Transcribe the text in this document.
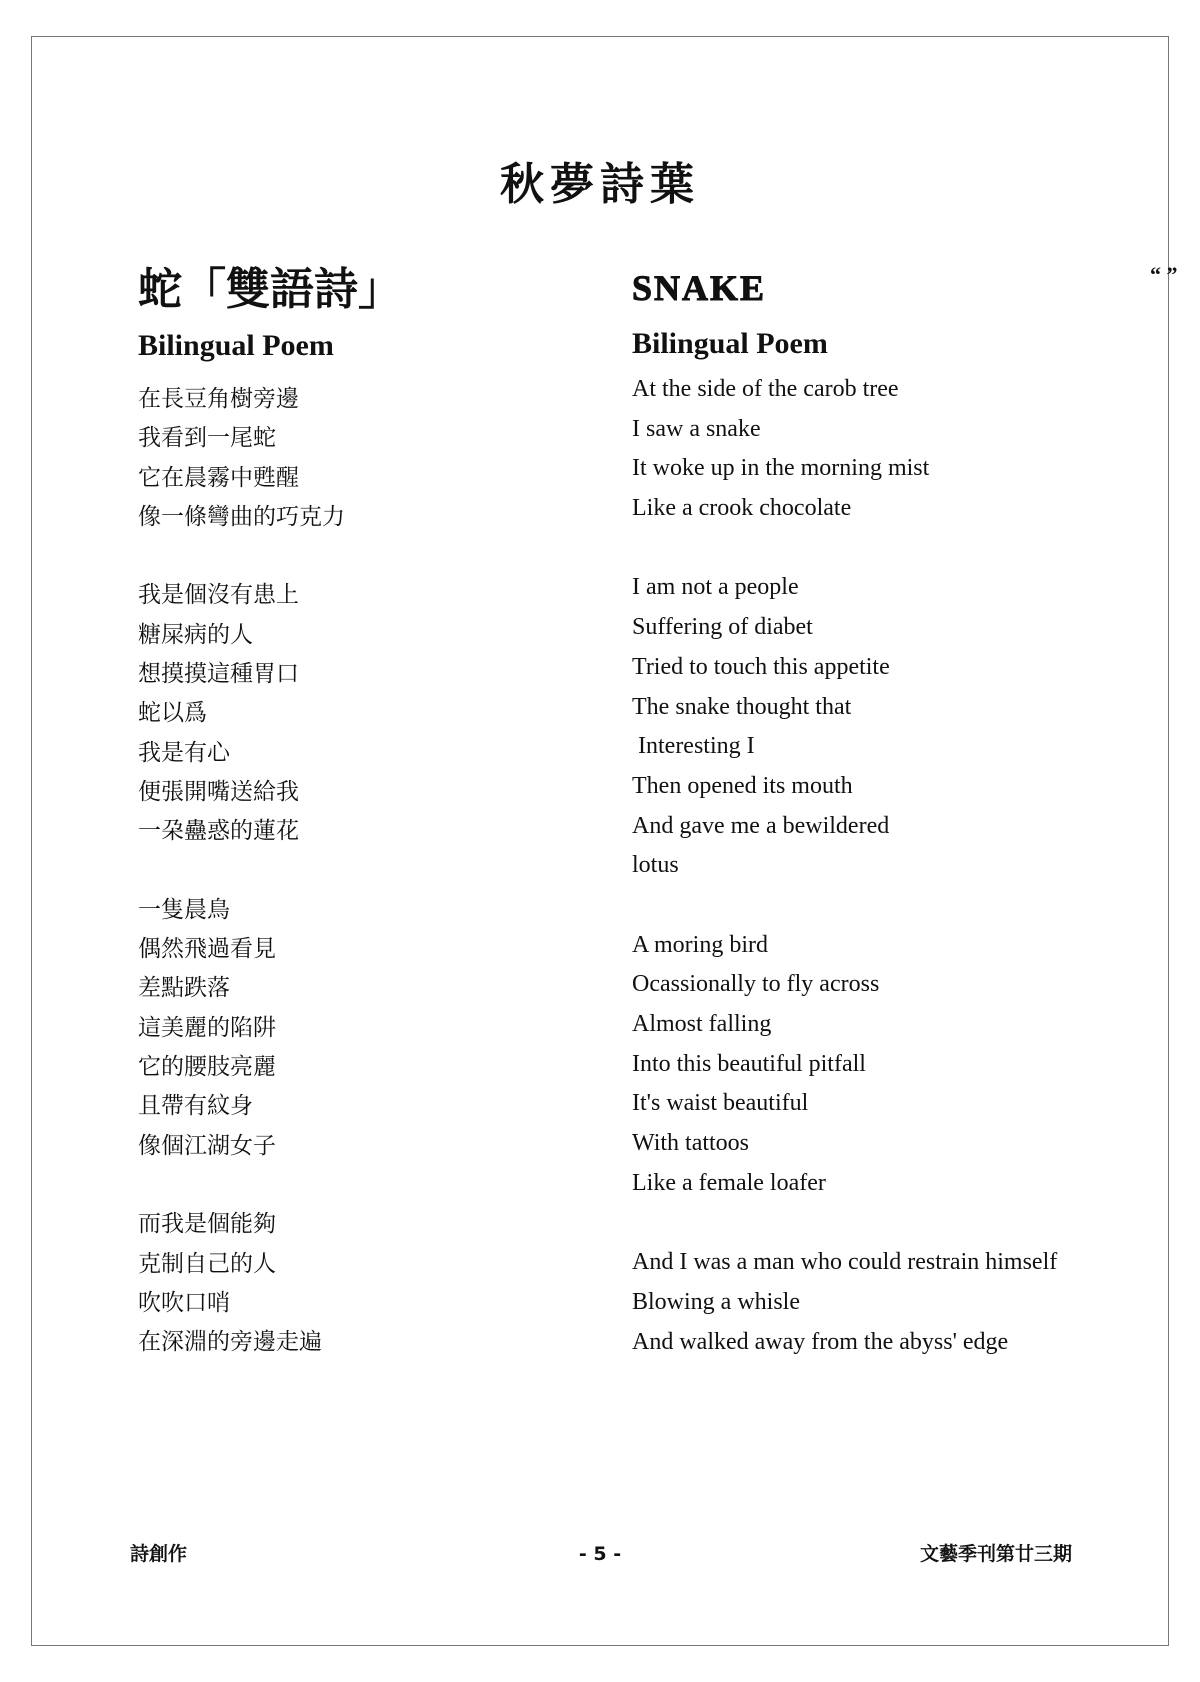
秋夢詩葉
“ ”
蛇「雙語詩」
Bilingual Poem
在長豆角樹旁邊
我看到一尾蛇
它在晨霧中甦醒
像一條彎曲的巧克力
我是個沒有患上
糖屎病的人
想摸摸這種胃口
蛇以爲
我是有心
便張開嘴送給我
一朶蠱惑的蓮花
一隻晨鳥
偶然飛過看見
差點跌落
這美麗的陷阱
它的腰肢亮麗
且帶有紋身
像個江湖女子
而我是個能夠
克制自己的人
吹吹口哨
在深淵的旁邊走遍
SNAKE
Bilingual Poem
At the side of the carob tree
I saw a snake
It woke up in the morning mist
Like a crook chocolate
I am not a people
Suffering of diabet
Tried to touch this appetite
The snake thought that
Interesting I
Then opened its mouth
And gave me a bewildered
lotus
A moring bird
Ocassionally to fly across
Almost falling
Into this beautiful pitfall
It's waist beautiful
With tattoos
Like a female loafer
And I was a man who could restrain himself
Blowing a whisle
And walked away from the abyss' edge
詩創作	- 5 -	文藝季刊第廿三期
